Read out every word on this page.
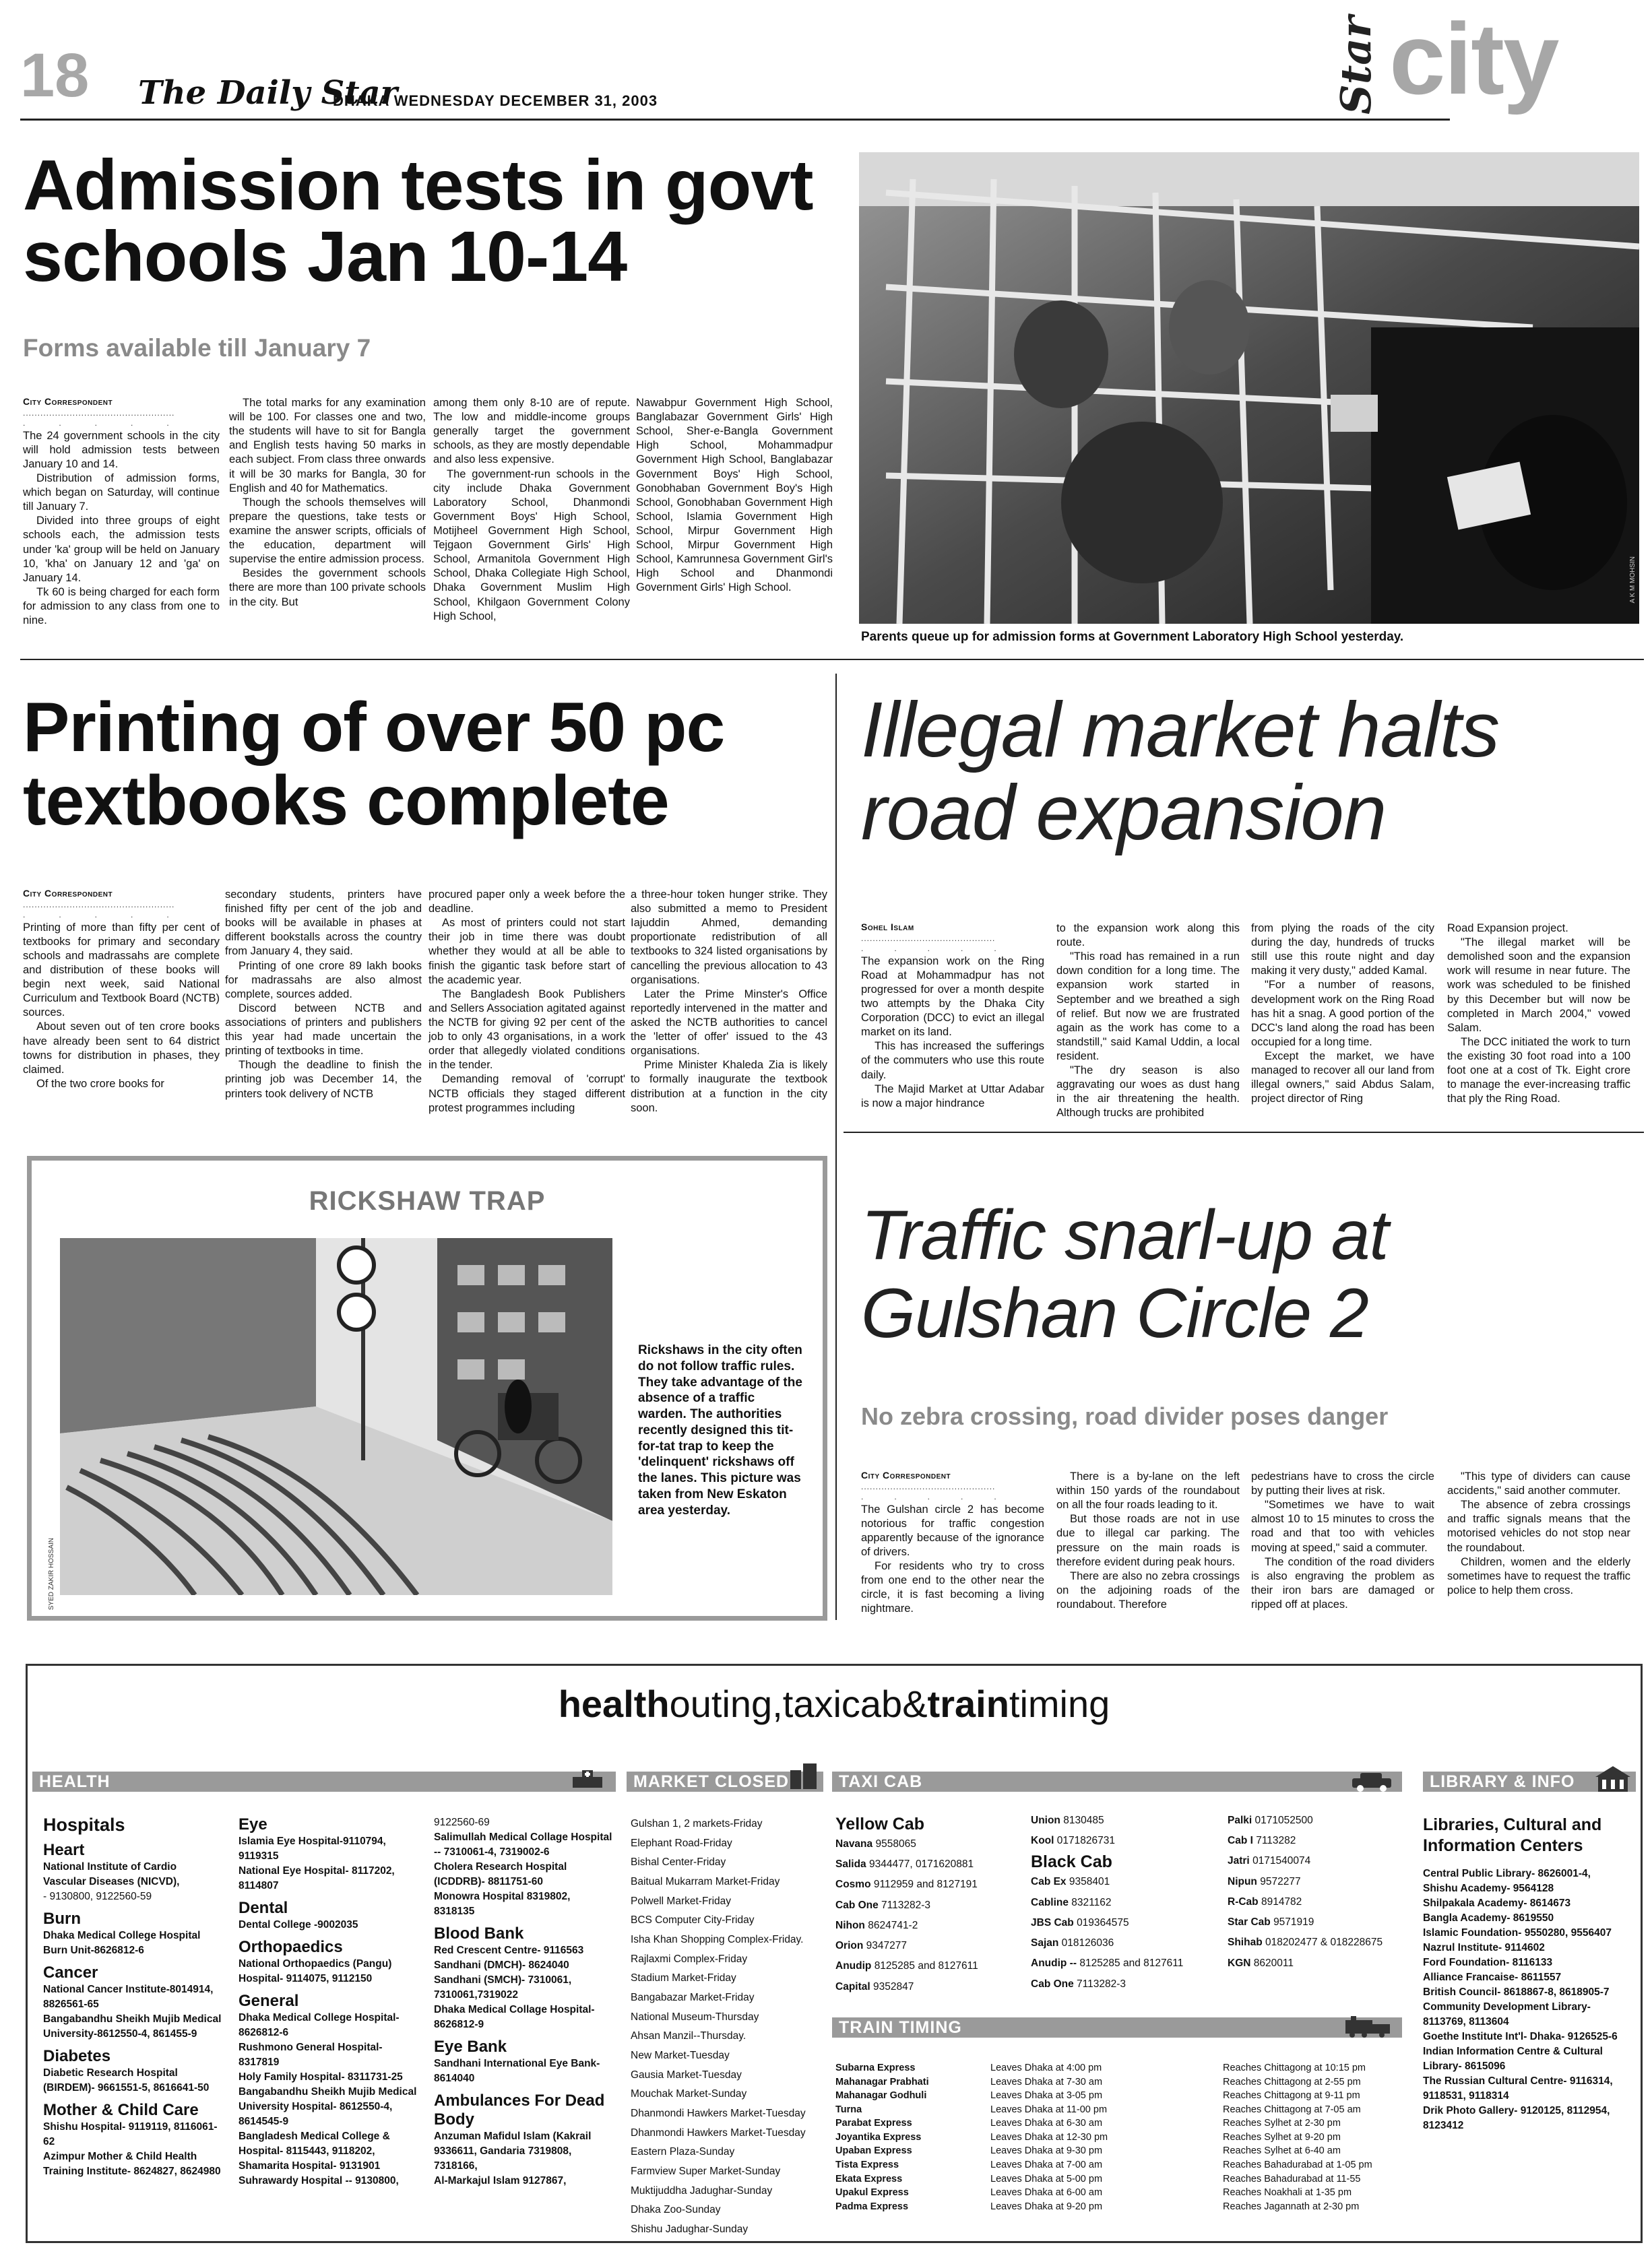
18 The Daily Star
DHAKA WEDNESDAY DECEMBER 31, 2003	Star city
Admission tests in govt
schools Jan 10-14
Forms available till January 7
City Correspondent
....................................................
.....

The 24 government schools in the city will hold admission tests between January 10 and 14.

Distribution of admission forms, which began on Saturday, will continue till January 7.

Divided into three groups of eight schools each, the admission tests under 'ka' group will be held on January 10, 'kha' on January 12 and 'ga' on January 14.

Tk 60 is being charged for each form for admission to any class from one to nine.

The total marks for any examination will be 100. For classes one and two, the students will have to sit for Bangla and English tests having 50 marks in each subject. From class three onwards it will be 30 marks for Bangla, 30 for English and 40 for Mathematics.

Though the schools themselves will prepare the questions, take tests or examine the answer scripts, officials of the education, department will supervise the entire admission process.

Besides the government schools there are more than 100 private schools in the city. But

among them only 8-10 are of repute. The low and middle-income groups generally target the government schools, as they are mostly dependable and also less expensive.

The government-run schools in the city include Dhaka Government Laboratory School, Dhanmondi Government Boys' High School, Motijheel Government High School, Tejgaon Government Girls' High School, Armanitola Government High School, Dhaka Collegiate High School, Dhaka Government Muslim High School, Khilgaon Government Colony High School,

Nawabpur Government High School, Banglabazar Government Girls' High School, Sher-e-Bangla Government High School, Mohammadpur Government High School, Banglabazar Government Boys' High School, Gonobhaban Government Boy's High School, Gonobhaban Government High School, Islamia Government High School, Mirpur Government High School, Mirpur Government High School, Kamrunnesa Government Girl's High School and Dhanmondi Government Girls' High School.	A K M MOHSIN
Parents queue up for admission forms at Government Laboratory High School yesterday.
Printing of over 50 pc
textbooks complete
City Correspondent
....................................................
.....

Printing of more than fifty per cent of textbooks for primary and secondary schools and madrassahs are complete and distribution of these books will begin next week, said National Curriculum and Textbook Board (NCTB) sources.

About seven out of ten crore books have already been sent to 64 district towns for distribution in phases, they claimed.

Of the two crore books for

secondary students, printers have finished fifty per cent of the job and books will be available in phases at different bookstalls across the country from January 4, they said.

Printing of one crore 89 lakh books for madrassahs are also almost complete, sources added.

Discord between NCTB and associations of printers and publishers this year had made uncertain the printing of textbooks in time.

Though the deadline to finish the printing job was December 14, the printers took delivery of NCTB

procured paper only a week before the deadline.

As most of printers could not start their job in time there was doubt whether they would at all be able to finish the gigantic task before start of the academic year.

The Bangladesh Book Publishers and Sellers Association agitated against the NCTB for giving 92 per cent of the job to only 43 organisations, in a work order that allegedly violated conditions in the tender.

Demanding removal of 'corrupt' NCTB officials they staged different protest programmes including

a three-hour token hunger strike. They also submitted a memo to President Iajuddin Ahmed, demanding proportionate redistribution of all textbooks to 324 listed organisations by cancelling the previous allocation to 43 organisations.

Later the Prime Minster's Office reportedly intervened in the matter and asked the NCTB authorities to cancel the 'letter of offer' issued to the 43 organisations.

Prime Minister Khaleda Zia is likely to formally inaugurate the textbook distribution at a function in the city soon.

Illegal market halts
road expansion
Sohel Islam
..............................................
.....

The expansion work on the Ring Road at Mohammadpur has not progressed for over a month despite two attempts by the Dhaka City Corporation (DCC) to evict an illegal market on its land.

This has increased the sufferings of the commuters who use this route daily.

The Majid Market at Uttar Adabar is now a major hindrance

to the expansion work along this route.

"This road has remained in a run down condition for a long time. The expansion work started in September and we breathed a sigh of relief. But now we are frustrated again as the work has come to a standstill," said Kamal Uddin, a local resident.

"The dry season is also aggravating our woes as dust hang in the air threatening the health. Although trucks are prohibited

from plying the roads of the city during the day, hundreds of trucks still use this route night and day making it very dusty," added Kamal.

"For a number of reasons, development work on the Ring Road has hit a snag. A good portion of the DCC's land along the road has been occupied for a long time.

Except the market, we have managed to recover all our land from illegal owners," said Abdus Salam, project director of Ring

Road Expansion project.

"The illegal market will be demolished soon and the expansion work will resume in near future. The work was scheduled to be finished by this December but will now be completed in March 2004," vowed Salam.

The DCC initiated the work to turn the existing 30 foot road into a 100 foot one at a cost of Tk. Eight crore to manage the ever-increasing traffic that ply the Ring Road.

RICKSHAW TRAP
SYED ZAKIR HOSSAIN
Rickshaws in the city often do not follow traffic rules. They take advantage of the absence of a traffic warden. The authorities recently designed this tit-for-tat trap to keep the 'delinquent' rickshaws off the lanes. This picture was taken from New Eskaton area yesterday.
Traffic snarl-up at
Gulshan Circle 2
No zebra crossing, road divider poses danger
City Correspondent
..............................................
.....

The Gulshan circle 2 has become notorious for traffic congestion apparently because of the ignorance of drivers.

For residents who try to cross from one end to the other near the circle, it is fast becoming a living nightmare.

There is a by-lane on the left within 150 yards of the roundabout on all the four roads leading to it.

But those roads are not in use due to illegal car parking. The pressure on the main roads is therefore evident during peak hours.

There are also no zebra crossings on the adjoining roads of the roundabout. Therefore

pedestrians have to cross the circle by putting their lives at risk.

"Sometimes we have to wait almost 10 to 15 minutes to cross the road and that too with vehicles moving at speed," said a commuter.

The condition of the road dividers is also engraving the problem as their iron bars are damaged or ripped off at places.

"This type of dividers can cause accidents," said another commuter.

The absence of zebra crossings and traffic signals means that the motorised vehicles do not stop near the roundabout.

Children, women and the elderly sometimes have to request the traffic police to help them cross.

healthouting,taxicab&traintiming
HEALTH	MARKET CLOSED	TAXI CAB	LIBRARY & INFO
TRAIN TIMING
Hospitals
Heart
National Institute of Cardio Vascular Diseases (NICVD),
- 9130800, 9122560-59
Burn
Dhaka Medical College Hospital Burn Unit-8626812-6
Cancer
National Cancer Institute-8014914, 8826561-65
Bangabandhu Sheikh Mujib Medical University-8612550-4, 861455-9
Diabetes
Diabetic Research Hospital (BIRDEM)- 9661551-5, 8616641-50
Mother & Child Care
Shishu Hospital- 9119119, 8116061-62
Azimpur Mother & Child Health Training Institute- 8624827, 8624980
Eye
Islamia Eye Hospital-9110794, 9119315
National Eye Hospital- 8117202, 8114807
Dental
Dental College -9002035
Orthopaedics
National Orthopaedics (Pangu) Hospital- 9114075, 9112150
General
Dhaka Medical College Hospital- 8626812-6
Rushmono General Hospital- 8317819
Holy Family Hospital- 8311731-25
Bangabandhu Sheikh Mujib Medical University Hospital- 8612550-4, 8614545-9
Bangladesh Medical College & Hospital- 8115443, 9118202,
Shamarita Hospital- 9131901
Suhrawardy Hospital -- 9130800,
9122560-69
Salimullah Medical Collage Hospital -- 7310061-4, 7319002-6
Cholera Research Hospital (ICDDRB)- 8811751-60
Monowra Hospital 8319802, 8318135
Blood Bank
Red Crescent Centre- 9116563
Sandhani (DMCH)- 8624040
Sandhani (SMCH)- 7310061, 7310061,7319022
Dhaka Medical Collage Hospital- 8626812-9
Eye Bank
Sandhani International Eye Bank- 8614040
Ambulances For Dead Body
Anzuman Mafidul Islam (Kakrail 9336611, Gandaria 7319808, 7318166,
Al-Markajul Islam 9127867,
Gulshan 1, 2 markets-Friday
Elephant Road-Friday
Bishal Center-Friday
Baitual Mukarram Market-Friday
Polwell Market-Friday
BCS Computer City-Friday
Isha Khan Shopping Complex-Friday.
Rajlaxmi Complex-Friday
Stadium Market-Friday
Bangabazar Market-Friday
National Museum-Thursday
Ahsan Manzil--Thursday.
New Market-Tuesday
Gausia Market-Tuesday
Mouchak Market-Sunday
Dhanmondi Hawkers Market-Tuesday
Dhanmondi Hawkers Market-Tuesday
Eastern Plaza-Sunday
Farmview Super Market-Sunday
Muktijuddha Jadughar-Sunday
Dhaka Zoo-Sunday
Shishu Jadughar-Sunday
Yellow Cab
Navana 9558065
Salida 9344477, 0171620881
Cosmo 9112959 and 8127191
Cab One 7113282-3
Nihon 8624741-2
Orion 9347277
Anudip 8125285 and 8127611
Capital 9352847
Union 8130485
Kool 0171826731
Black Cab
Cab Ex 9358401
Cabline 8321162
JBS Cab 019364575
Sajan 018126036
Anudip -- 8125285 and 8127611
Cab One 7113282-3
Palki 0171052500
Cab I 7113282
Jatri 0171540074
Nipun 9572277
R-Cab 8914782
Star Cab 9571919
Shihab 018202477 & 018228675
KGN 8620011
Subarna Express	Leaves Dhaka at 4:00 pm	Reaches Chittagong at 10:15 pm
Mahanagar Prabhati	Leaves Dhaka at 7-30 am	Reaches Chittagong at 2-55 pm
Mahanagar Godhuli	Leaves Dhaka at 3-05 pm	Reaches Chittagong at 9-11 pm
Turna	Leaves Dhaka at 11-00 pm	Reaches Chittagong at 7-05 am
Parabat Express	Leaves Dhaka at 6-30 am	Reaches Sylhet at 2-30 pm
Joyantika Express	Leaves Dhaka at 12-30 pm	Reaches Sylhet at 9-20 pm
Upaban Express	Leaves Dhaka at 9-30 pm	Reaches Sylhet at 6-40 am
Tista Express	Leaves Dhaka at 7-00 am	Reaches Bahadurabad at 1-05 pm
Ekata Express	Leaves Dhaka at 5-00 pm	Reaches Bahadurabad at 11-55
Upakul Express	Leaves Dhaka at 6-00 am	Reaches Noakhali at 1-35 pm
Padma Express	Leaves Dhaka at 9-20 pm	Reaches Jagannath at 2-30 pm
Libraries, Cultural and Information Centers
Central Public Library- 8626001-4,
Shishu Academy- 9564128
Shilpakala Academy- 8614673
Bangla Academy- 8619550
Islamic Foundation- 9550280, 9556407
Nazrul Institute- 9114602
Ford Foundation- 8116133
Alliance Francaise- 8611557
British Council- 8618867-8, 8618905-7
Community Development Library- 8113769, 8113604
Goethe Institute Int'l- Dhaka- 9126525-6
Indian Information Centre & Cultural Library- 8615096
The Russian Cultural Centre- 9116314, 9118531, 9118314
Drik Photo Gallery- 9120125, 8112954, 8123412
